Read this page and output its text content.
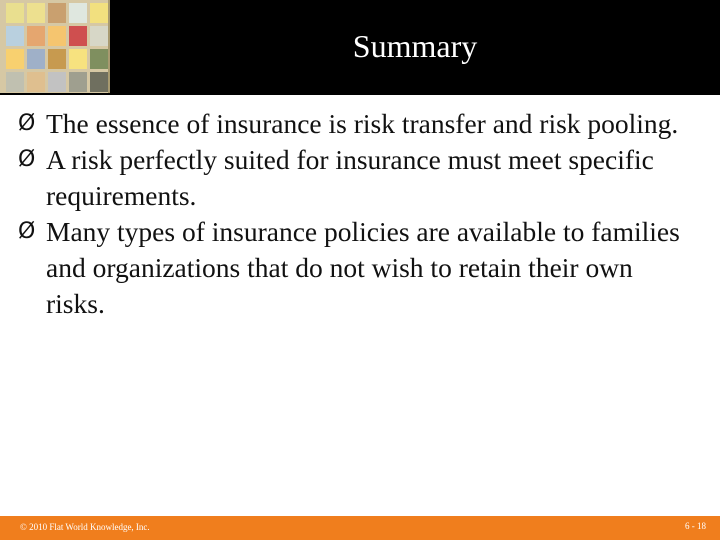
Summary
Ø The essence of insurance is risk transfer and risk pooling.
Ø A risk perfectly suited for insurance must meet specific requirements.
Ø Many types of insurance policies are available to families and organizations that do not wish to retain their own risks.
© 2010 Flat World Knowledge, Inc.	6 - 18
